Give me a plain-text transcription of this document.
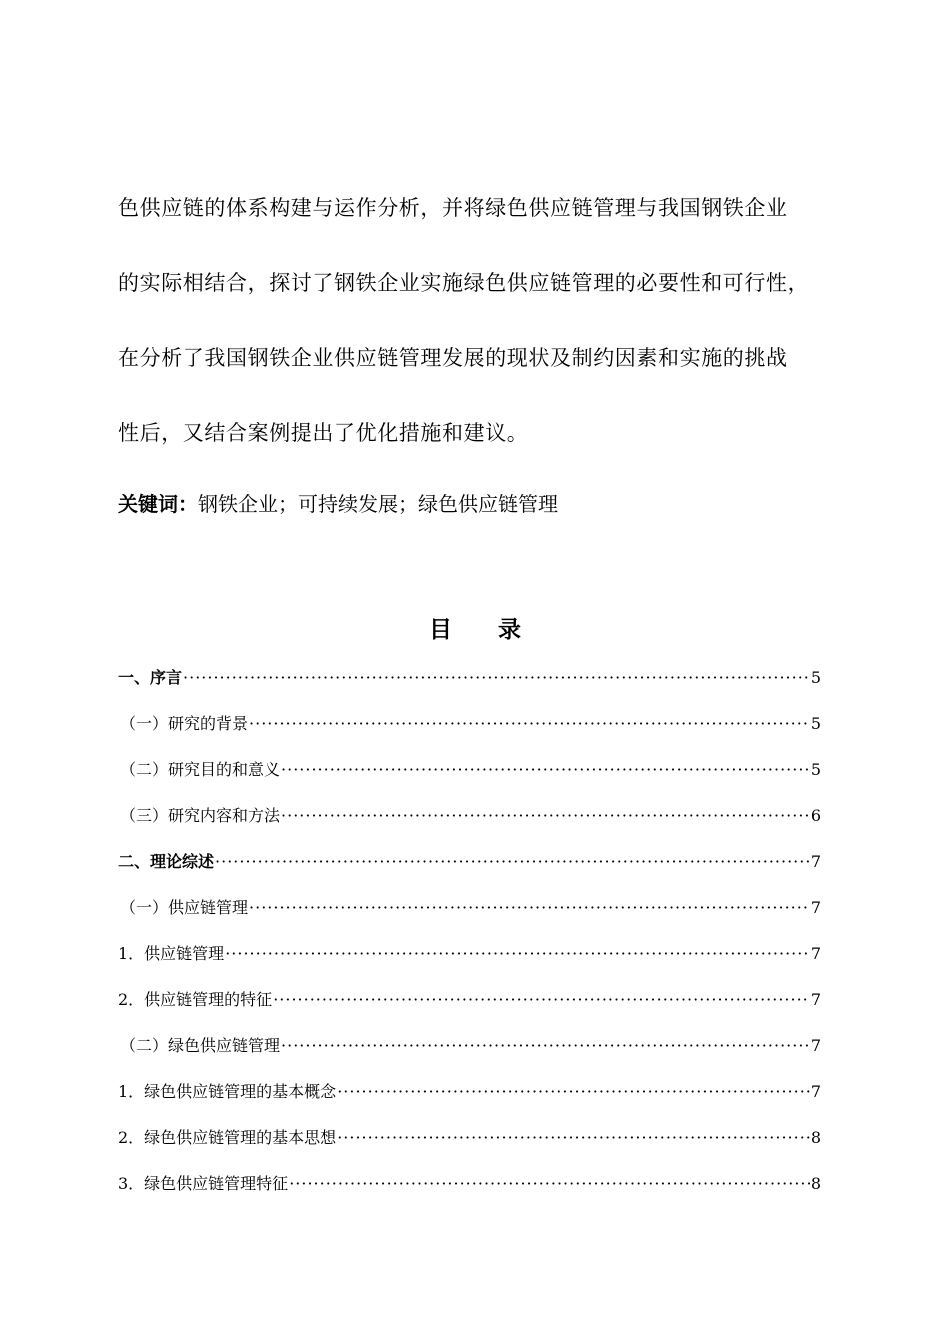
色供应链的体系构建与运作分析，并将绿色供应链管理与我国钢铁企业
的实际相结合，探讨了钢铁企业实施绿色供应链管理的必要性和可行性，
在分析了我国钢铁企业供应链管理发展的现状及制约因素和实施的挑战
性后，又结合案例提出了优化措施和建议。
关键词：钢铁企业；可持续发展；绿色供应链管理
目 录
一、序言 ·····	5
（一）研究的背景 ·····	5
（二）研究目的和意义 ·····	5
（三）研究内容和方法 ·····	6
二、理论综述 ·····	7
（一）供应链管理 ·····	7
1．供应链管理 ·····	7
2．供应链管理的特征 ·····	7
（二）绿色供应链管理 ·····	7
1．绿色供应链管理的基本概念 ·····	7
2．绿色供应链管理的基本思想 ·····	8
3．绿色供应链管理特征 ·····	8
